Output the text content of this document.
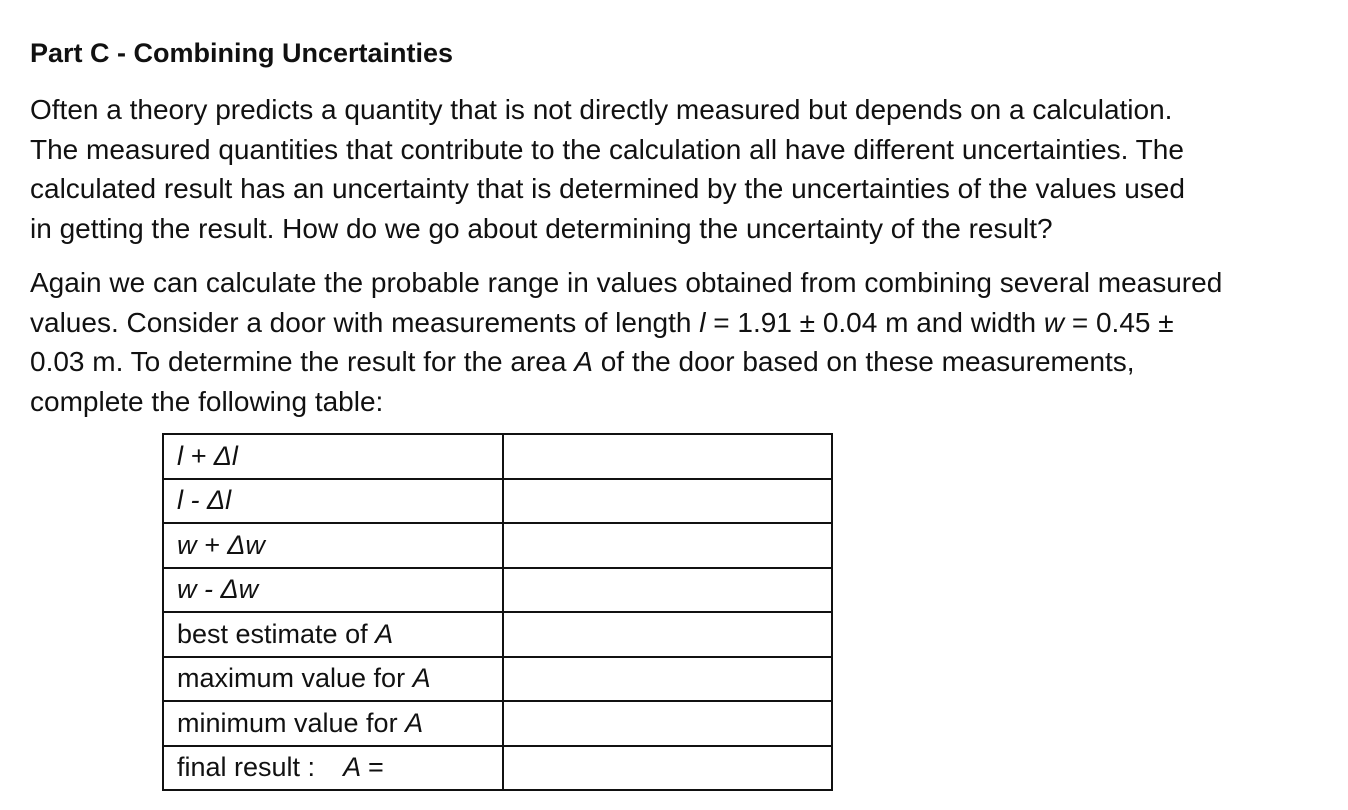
Part C - Combining Uncertainties
Often a theory predicts a quantity that is not directly measured but depends on a calculation.
The measured quantities that contribute to the calculation all have different uncertainties. The
calculated result has an uncertainty that is determined by the uncertainties of the values used
in getting the result. How do we go about determining the uncertainty of the result?
Again we can calculate the probable range in values obtained from combining several measured
values. Consider a door with measurements of length l = 1.91 ± 0.04 m and width w = 0.45 ±
0.03 m. To determine the result for the area A of the door based on these measurements,
complete the following table:
l + Δl	
l - Δl	
w + Δw	
w - Δw	
best estimate of A	
maximum value for A	
minimum value for A	
final result : A =	
